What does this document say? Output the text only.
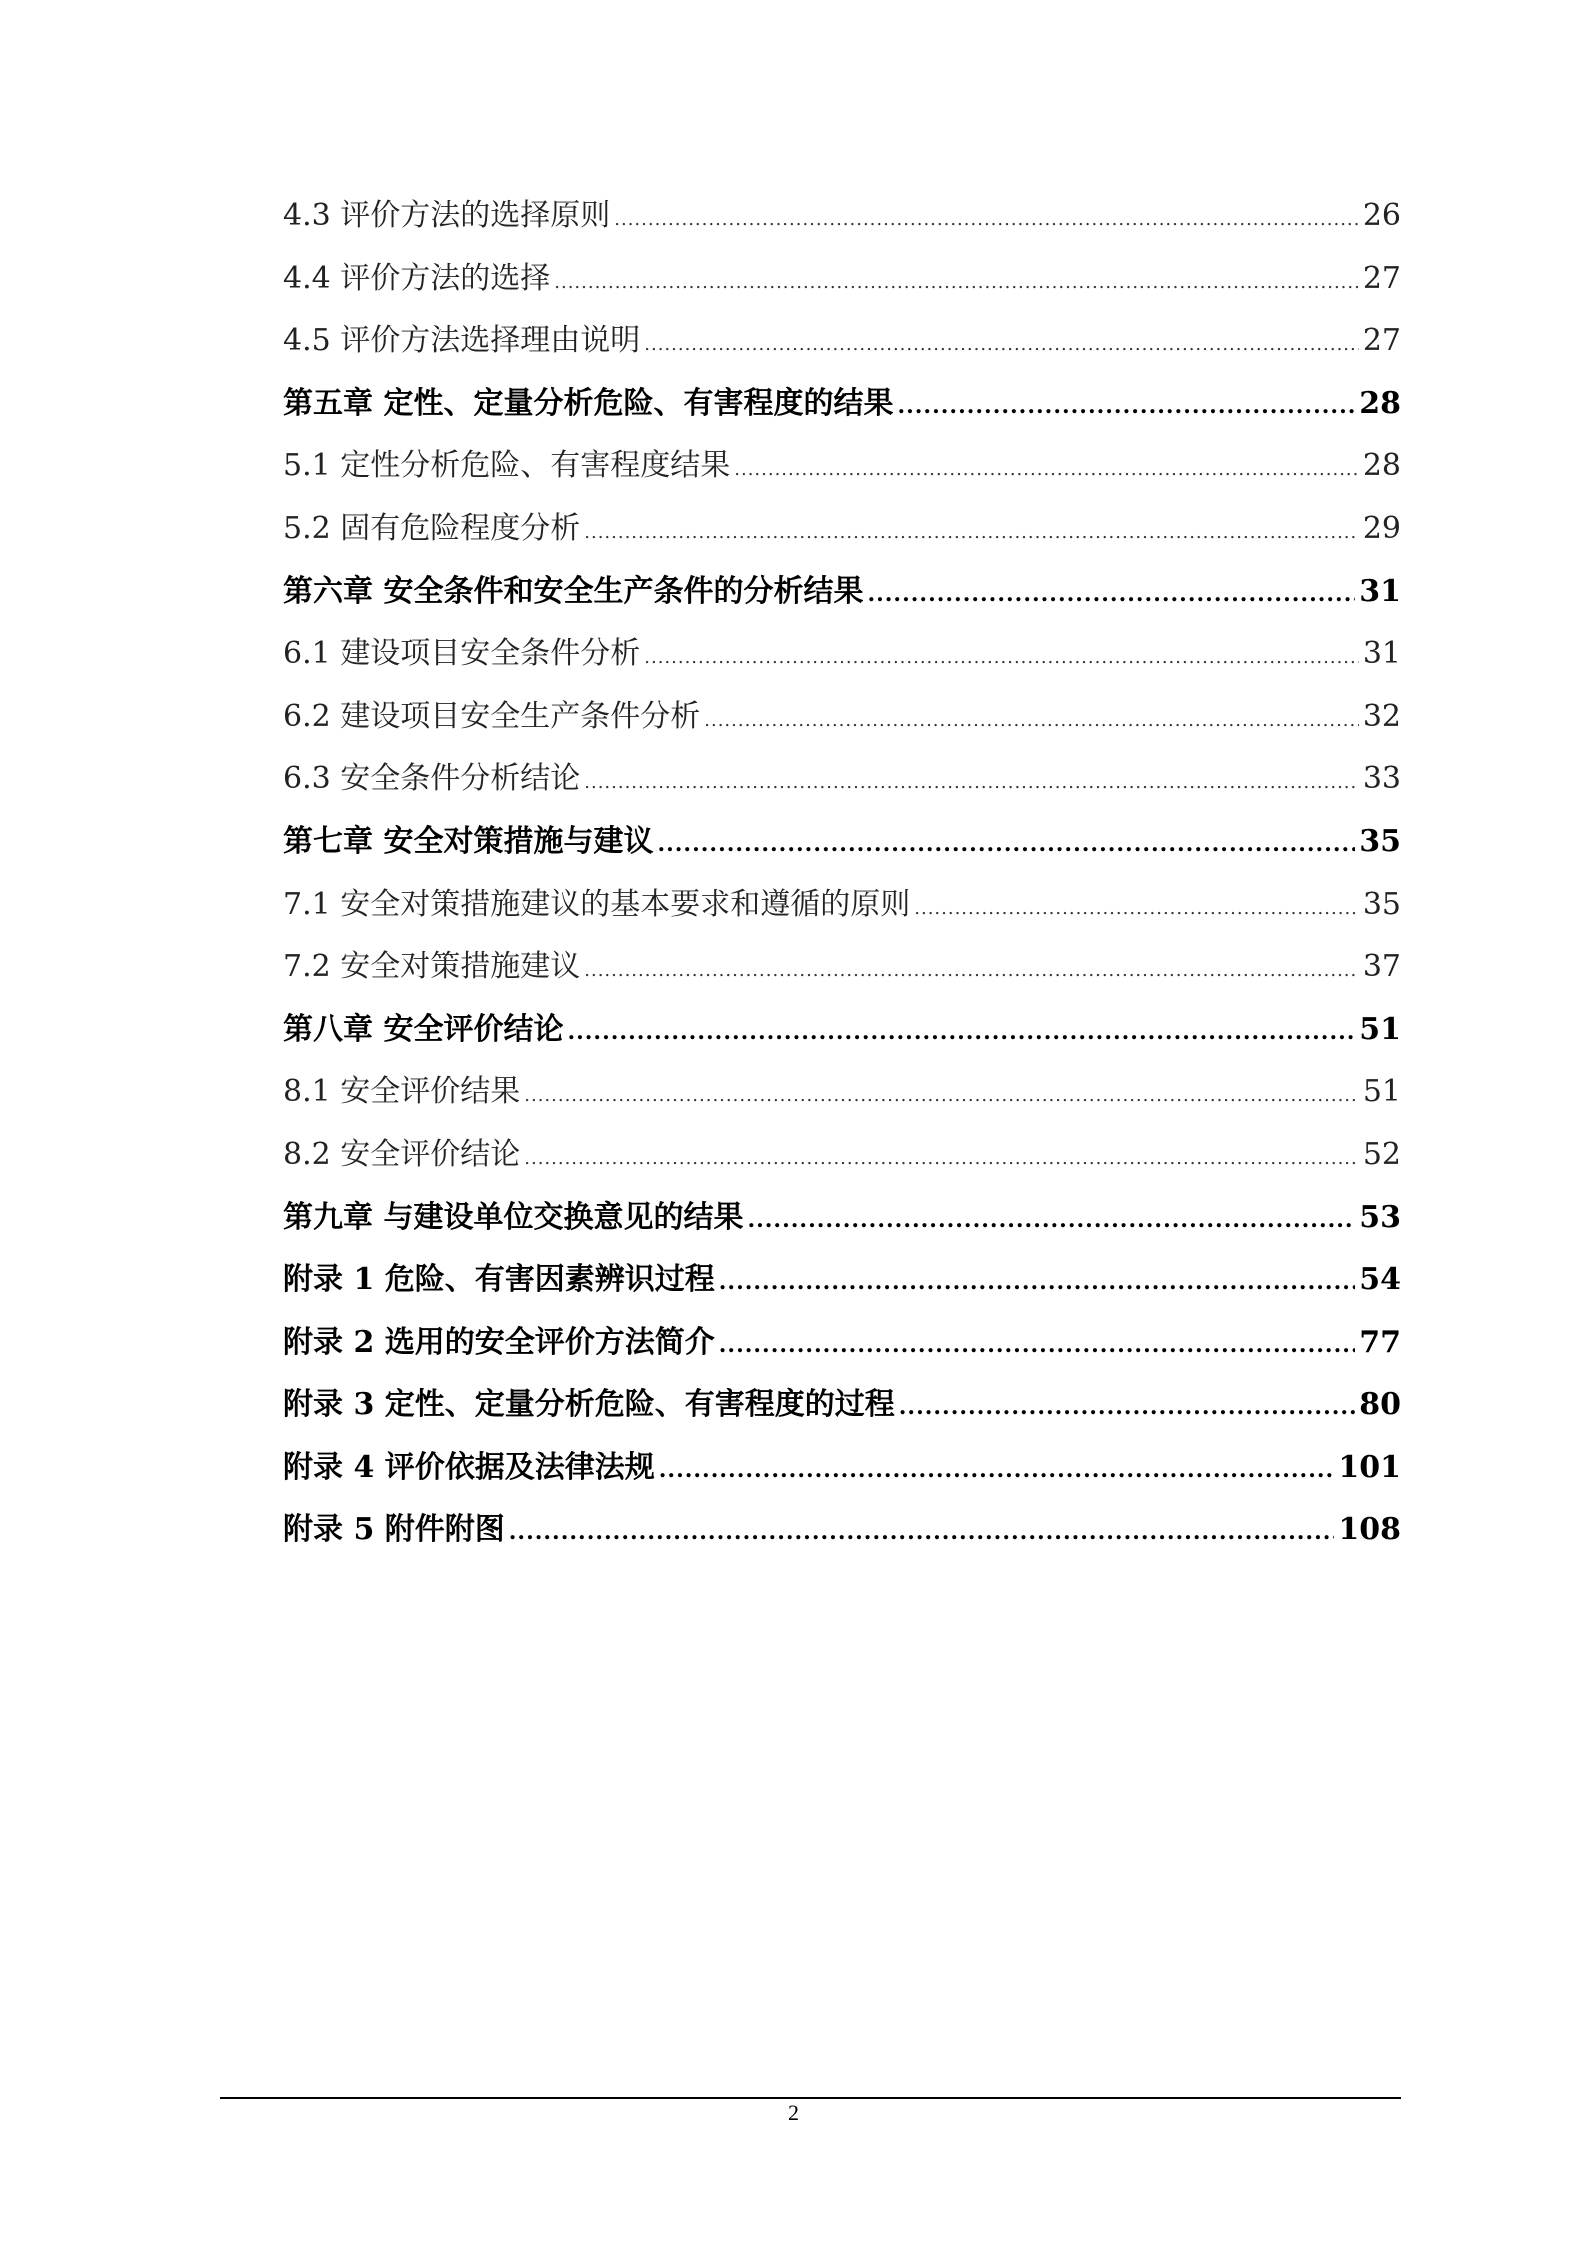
4.3 评价方法的选择原则 .....	26
4.4 评价方法的选择 .....	27
4.5 评价方法选择理由说明 .....	27
第五章 定性、定量分析危险、有害程度的结果 .....	28
5.1 定性分析危险、有害程度结果 .....	28
5.2 固有危险程度分析 .....	29
第六章 安全条件和安全生产条件的分析结果 .....	31
6.1 建设项目安全条件分析 .....	31
6.2 建设项目安全生产条件分析 .....	32
6.3 安全条件分析结论 .....	33
第七章 安全对策措施与建议 .....	35
7.1 安全对策措施建议的基本要求和遵循的原则 .....	35
7.2 安全对策措施建议 .....	37
第八章 安全评价结论 .....	51
8.1 安全评价结果 .....	51
8.2 安全评价结论 .....	52
第九章 与建设单位交换意见的结果 .....	53
附录 1 危险、有害因素辨识过程 .....	54
附录 2 选用的安全评价方法简介 .....	77
附录 3 定性、定量分析危险、有害程度的过程 .....	80
附录 4 评价依据及法律法规 .....	101
附录 5 附件附图 .....	108
2
